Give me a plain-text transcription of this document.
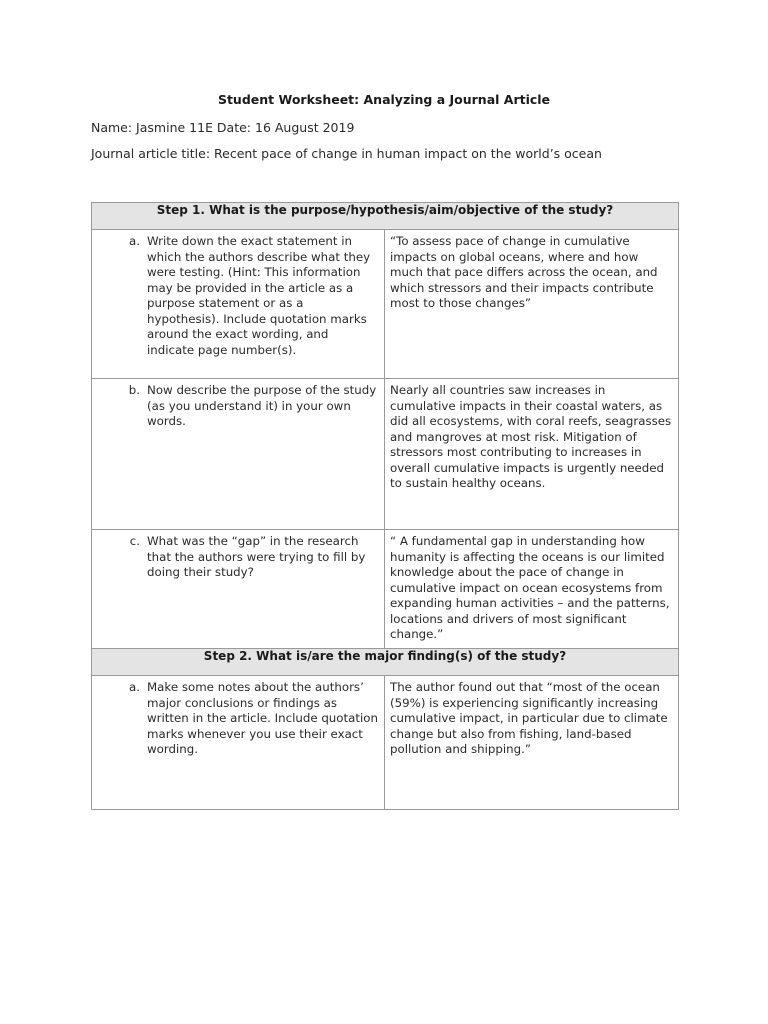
Student Worksheet: Analyzing a Journal Article
Name: Jasmine 11E Date: 16 August 2019
Journal article title: Recent pace of change in human impact on the world’s ocean
Step 1. What is the purpose/hypothesis/aim/objective of the study?	

a. Write down the exact statement in which the authors describe what they were testing. (Hint: This information may be provided in the article as a purpose statement or as a hypothesis). Include quotation marks around the exact wording, and indicate page number(s).	“To assess pace of change in cumulative impacts on global oceans, where and how much that pace differs across the ocean, and which stressors and their impacts contribute most to those changes”

b. Now describe the purpose of the study (as you understand it) in your own words.	Nearly all countries saw increases in cumulative impacts in their coastal waters, as did all ecosystems, with coral reefs, seagrasses and mangroves at most risk. Mitigation of stressors most contributing to increases in overall cumulative impacts is urgently needed to sustain healthy oceans.

c. What was the “gap” in the research that the authors were trying to fill by doing their study?	“ A fundamental gap in understanding how humanity is affecting the oceans is our limited knowledge about the pace of change in cumulative impact on ocean ecosystems from expanding human activities – and the patterns, locations and drivers of most significant change.”
Step 2. What is/are the major finding(s) of the study?	

a. Make some notes about the authors’ major conclusions or findings as written in the article. Include quotation marks whenever you use their exact wording.	The author found out that “most of the ocean (59%) is experiencing significantly increasing cumulative impact, in particular due to climate change but also from fishing, land-based pollution and shipping.”
